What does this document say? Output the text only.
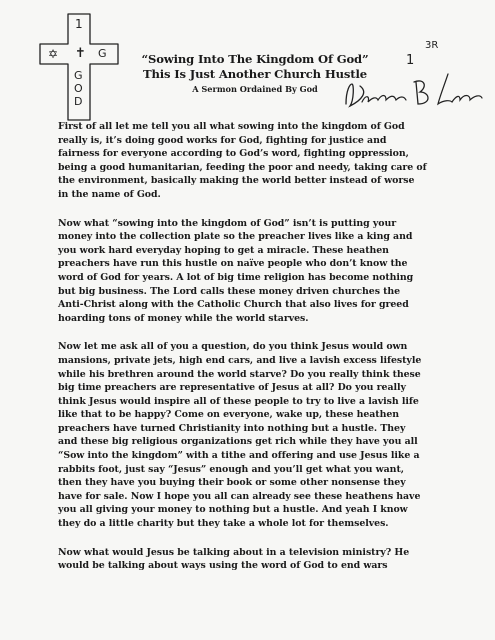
1
✡ ✝ G
G
O
D
“Sowing Into The Kingdom Of God”
This Is Just Another Church Hustle
A Sermon Ordained By God
1
3R
First of all let me tell you all what sowing into the kingdom of God
really is, it’s doing good works for God, fighting for justice and
fairness for everyone according to God’s word, fighting oppression,
being a good humanitarian, feeding the poor and needy, taking care of
the environment, basically making the world better instead of worse
in the name of God.
Now what “sowing into the kingdom of God” isn’t is putting your
money into the collection plate so the preacher lives like a king and
you work hard everyday hoping to get a miracle. These heathen
preachers have run this hustle on naïve people who don’t know the
word of God for years. A lot of big time religion has become nothing
but big business. The Lord calls these money driven churches the
Anti-Christ along with the Catholic Church that also lives for greed
hoarding tons of money while the world starves.
Now let me ask all of you a question, do you think Jesus would own
mansions, private jets, high end cars, and live a lavish excess lifestyle
while his brethren around the world starve? Do you really think these
big time preachers are representative of Jesus at all? Do you really
think Jesus would inspire all of these people to try to live a lavish life
like that to be happy? Come on everyone, wake up, these heathen
preachers have turned Christianity into nothing but a hustle. They
and these big religious organizations get rich while they have you all
“Sow into the kingdom” with a tithe and offering and use Jesus like a
rabbits foot, just say “Jesus” enough and you’ll get what you want,
then they have you buying their book or some other nonsense they
have for sale. Now I hope you all can already see these heathens have
you all giving your money to nothing but a hustle. And yeah I know
they do a little charity but they take a whole lot for themselves.
Now what would Jesus be talking about in a television ministry? He
would be talking about ways using the word of God to end wars
